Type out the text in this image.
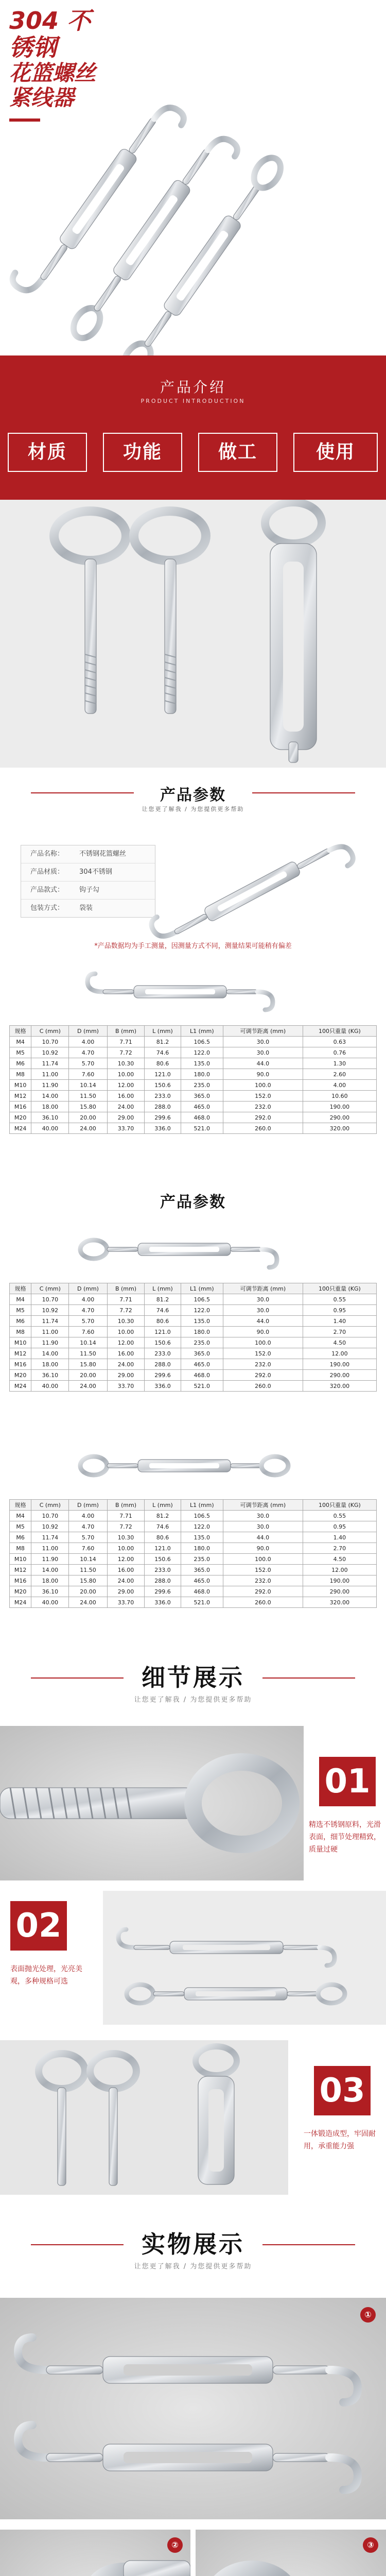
304 不锈钢
花篮螺丝
紧线器
产品介绍
PRODUCT INTRODUCTION
材质	功能	做工	使用
产品参数
让您更了解我 / 为您提供更多帮助
产品名称：	不锈钢花篮螺丝
产品材质：	304不锈钢
产品款式：	钩子勾
包装方式：	袋装
*产品数据均为手工测量，因测量方式不同，测量结果可能稍有偏差
规格	C (mm)	D (mm)	B (mm)	L (mm)	L1 (mm)	可调节距离 (mm)	100只重量 (KG)
M4	10.70	4.00	7.71	81.2	106.5	30.0	0.63
M5	10.92	4.70	7.72	74.6	122.0	30.0	0.76
M6	11.74	5.70	10.30	80.6	135.0	44.0	1.30
M8	11.00	7.60	10.00	121.0	180.0	90.0	2.60
M10	11.90	10.14	12.00	150.6	235.0	100.0	4.00
M12	14.00	11.50	16.00	233.0	365.0	152.0	10.60
M16	18.00	15.80	24.00	288.0	465.0	232.0	190.00
M20	36.10	20.00	29.00	299.6	468.0	292.0	290.00
M24	40.00	24.00	33.70	336.0	521.0	260.0	320.00
产品参数
规格	C (mm)	D (mm)	B (mm)	L (mm)	L1 (mm)	可调节距离 (mm)	100只重量 (KG)
M4	10.70	4.00	7.71	81.2	106.5	30.0	0.55
M5	10.92	4.70	7.72	74.6	122.0	30.0	0.95
M6	11.74	5.70	10.30	80.6	135.0	44.0	1.40
M8	11.00	7.60	10.00	121.0	180.0	90.0	2.70
M10	11.90	10.14	12.00	150.6	235.0	100.0	4.50
M12	14.00	11.50	16.00	233.0	365.0	152.0	12.00
M16	18.00	15.80	24.00	288.0	465.0	232.0	190.00
M20	36.10	20.00	29.00	299.6	468.0	292.0	290.00
M24	40.00	24.00	33.70	336.0	521.0	260.0	320.00
规格	C (mm)	D (mm)	B (mm)	L (mm)	L1 (mm)	可调节距离 (mm)	100只重量 (KG)
M4	10.70	4.00	7.71	81.2	106.5	30.0	0.55
M5	10.92	4.70	7.72	74.6	122.0	30.0	0.95
M6	11.74	5.70	10.30	80.6	135.0	44.0	1.40
M8	11.00	7.60	10.00	121.0	180.0	90.0	2.70
M10	11.90	10.14	12.00	150.6	235.0	100.0	4.50
M12	14.00	11.50	16.00	233.0	365.0	152.0	12.00
M16	18.00	15.80	24.00	288.0	465.0	232.0	190.00
M20	36.10	20.00	29.00	299.6	468.0	292.0	290.00
M24	40.00	24.00	33.70	336.0	521.0	260.0	320.00
细节展示
让您更了解我 / 为您提供更多帮助
01
精选不锈钢原料，光滑表面，细节处理精致，质量过硬
02
表面抛光处理，光亮美观，多种规格可选
03
一体锻造成型，牢固耐用，承重能力强
实物展示
让您更了解我 / 为您提供更多帮助
①
②	③
